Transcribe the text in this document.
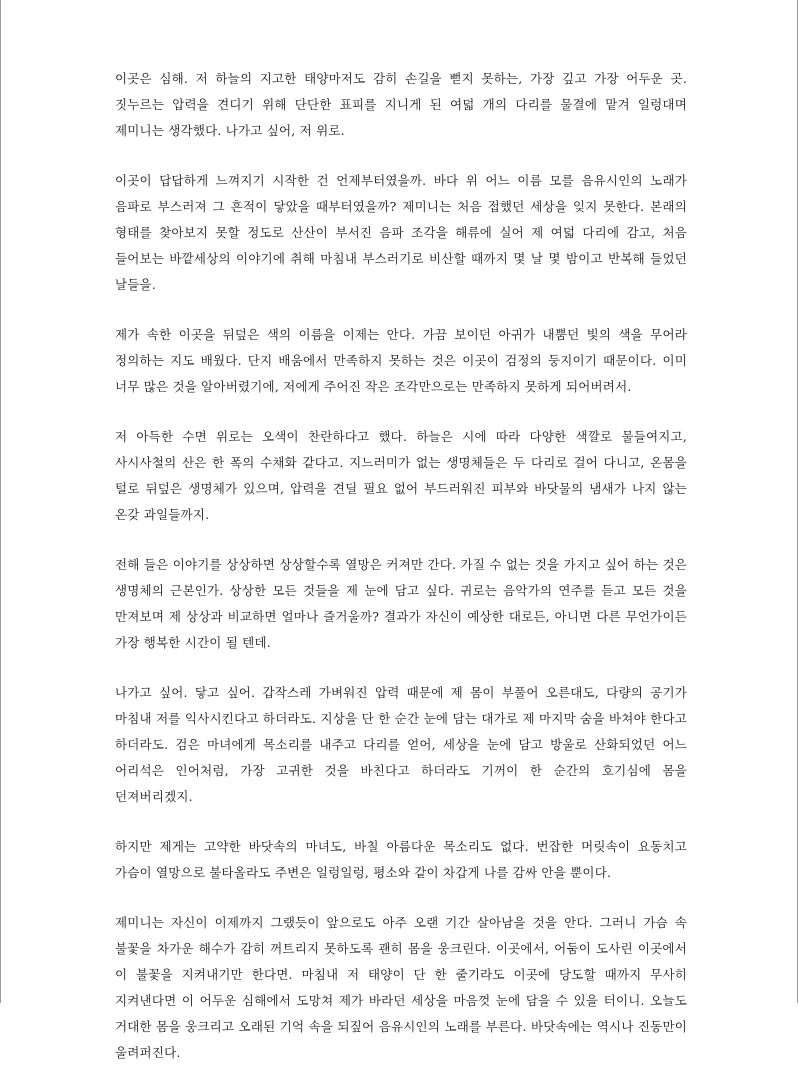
이곳은 심해. 저 하늘의 지고한 태양마저도 감히 손길을 뻗지 못하는, 가장 깊고 가장 어두운 곳. 짓누르는 압력을 견디기 위해 단단한 표피를 지니게 된 여덟 개의 다리를 물결에 맡겨 일렁대며 제미니는 생각했다. 나가고 싶어, 저 위로.

이곳이 답답하게 느껴지기 시작한 건 언제부터였을까. 바다 위 어느 이름 모를 음유시인의 노래가 음파로 부스러져 그 흔적이 닿았을 때부터였을까? 제미니는 처음 접했던 세상을 잊지 못한다. 본래의 형태를 찾아보지 못할 정도로 산산이 부서진 음파 조각을 해류에 실어 제 여덟 다리에 감고, 처음 들어보는 바깥세상의 이야기에 취해 마침내 부스러기로 비산할 때까지 몇 날 몇 밤이고 반복해 들었던 날들을.

제가 속한 이곳을 뒤덮은 색의 이름을 이제는 안다. 가끔 보이던 아귀가 내뿜던 빛의 색을 무어라 정의하는 지도 배웠다. 단지 배움에서 만족하지 못하는 것은 이곳이 검정의 둥지이기 때문이다. 이미 너무 많은 것을 알아버렸기에, 저에게 주어진 작은 조각만으로는 만족하지 못하게 되어버려서.

저 아득한 수면 위로는 오색이 찬란하다고 했다. 하늘은 시에 따라 다양한 색깔로 물들여지고, 사시사철의 산은 한 폭의 수채화 같다고. 지느러미가 없는 생명체들은 두 다리로 걸어 다니고, 온몸을 털로 뒤덮은 생명체가 있으며, 압력을 견딜 필요 없어 부드러워진 피부와 바닷물의 냄새가 나지 않는 온갖 과일들까지.

전해 들은 이야기를 상상하면 상상할수록 열망은 커져만 간다. 가질 수 없는 것을 가지고 싶어 하는 것은 생명체의 근본인가. 상상한 모든 것들을 제 눈에 담고 싶다. 귀로는 음악가의 연주를 듣고 모든 것을 만져보며 제 상상과 비교하면 얼마나 즐거울까? 결과가 자신이 예상한 대로든, 아니면 다른 무언가이든 가장 행복한 시간이 될 텐데.

나가고 싶어. 닿고 싶어. 갑작스레 가벼워진 압력 때문에 제 몸이 부풀어 오른대도, 다량의 공기가 마침내 저를 익사시킨다고 하더라도. 지상을 단 한 순간 눈에 담는 대가로 제 마지막 숨을 바쳐야 한다고 하더라도. 검은 마녀에게 목소리를 내주고 다리를 얻어, 세상을 눈에 담고 방울로 산화되었던 어느 어리석은 인어처럼, 가장 고귀한 것을 바친다고 하더라도 기꺼이 한 순간의 호기심에 몸을 던져버리겠지.

하지만 제게는 고약한 바닷속의 마녀도, 바칠 아름다운 목소리도 없다. 번잡한 머릿속이 요동치고 가슴이 열망으로 불타올라도 주변은 일렁일렁, 평소와 같이 차갑게 나를 감싸 안을 뿐이다.

제미니는 자신이 이제까지 그랬듯이 앞으로도 아주 오랜 기간 살아남을 것을 안다. 그러니 가슴 속 불꽃을 차가운 해수가 감히 꺼트리지 못하도록 괜히 몸을 웅크린다. 이곳에서, 어둠이 도사린 이곳에서 이 불꽃을 지켜내기만 한다면. 마침내 저 태양이 단 한 줄기라도 이곳에 당도할 때까지 무사히 지켜낸다면 이 어두운 심해에서 도망쳐 제가 바라던 세상을 마음껏 눈에 담을 수 있을 터이니. 오늘도 거대한 몸을 웅크리고 오래된 기억 속을 되짚어 음유시인의 노래를 부른다. 바닷속에는 역시나 진동만이 울려퍼진다.
